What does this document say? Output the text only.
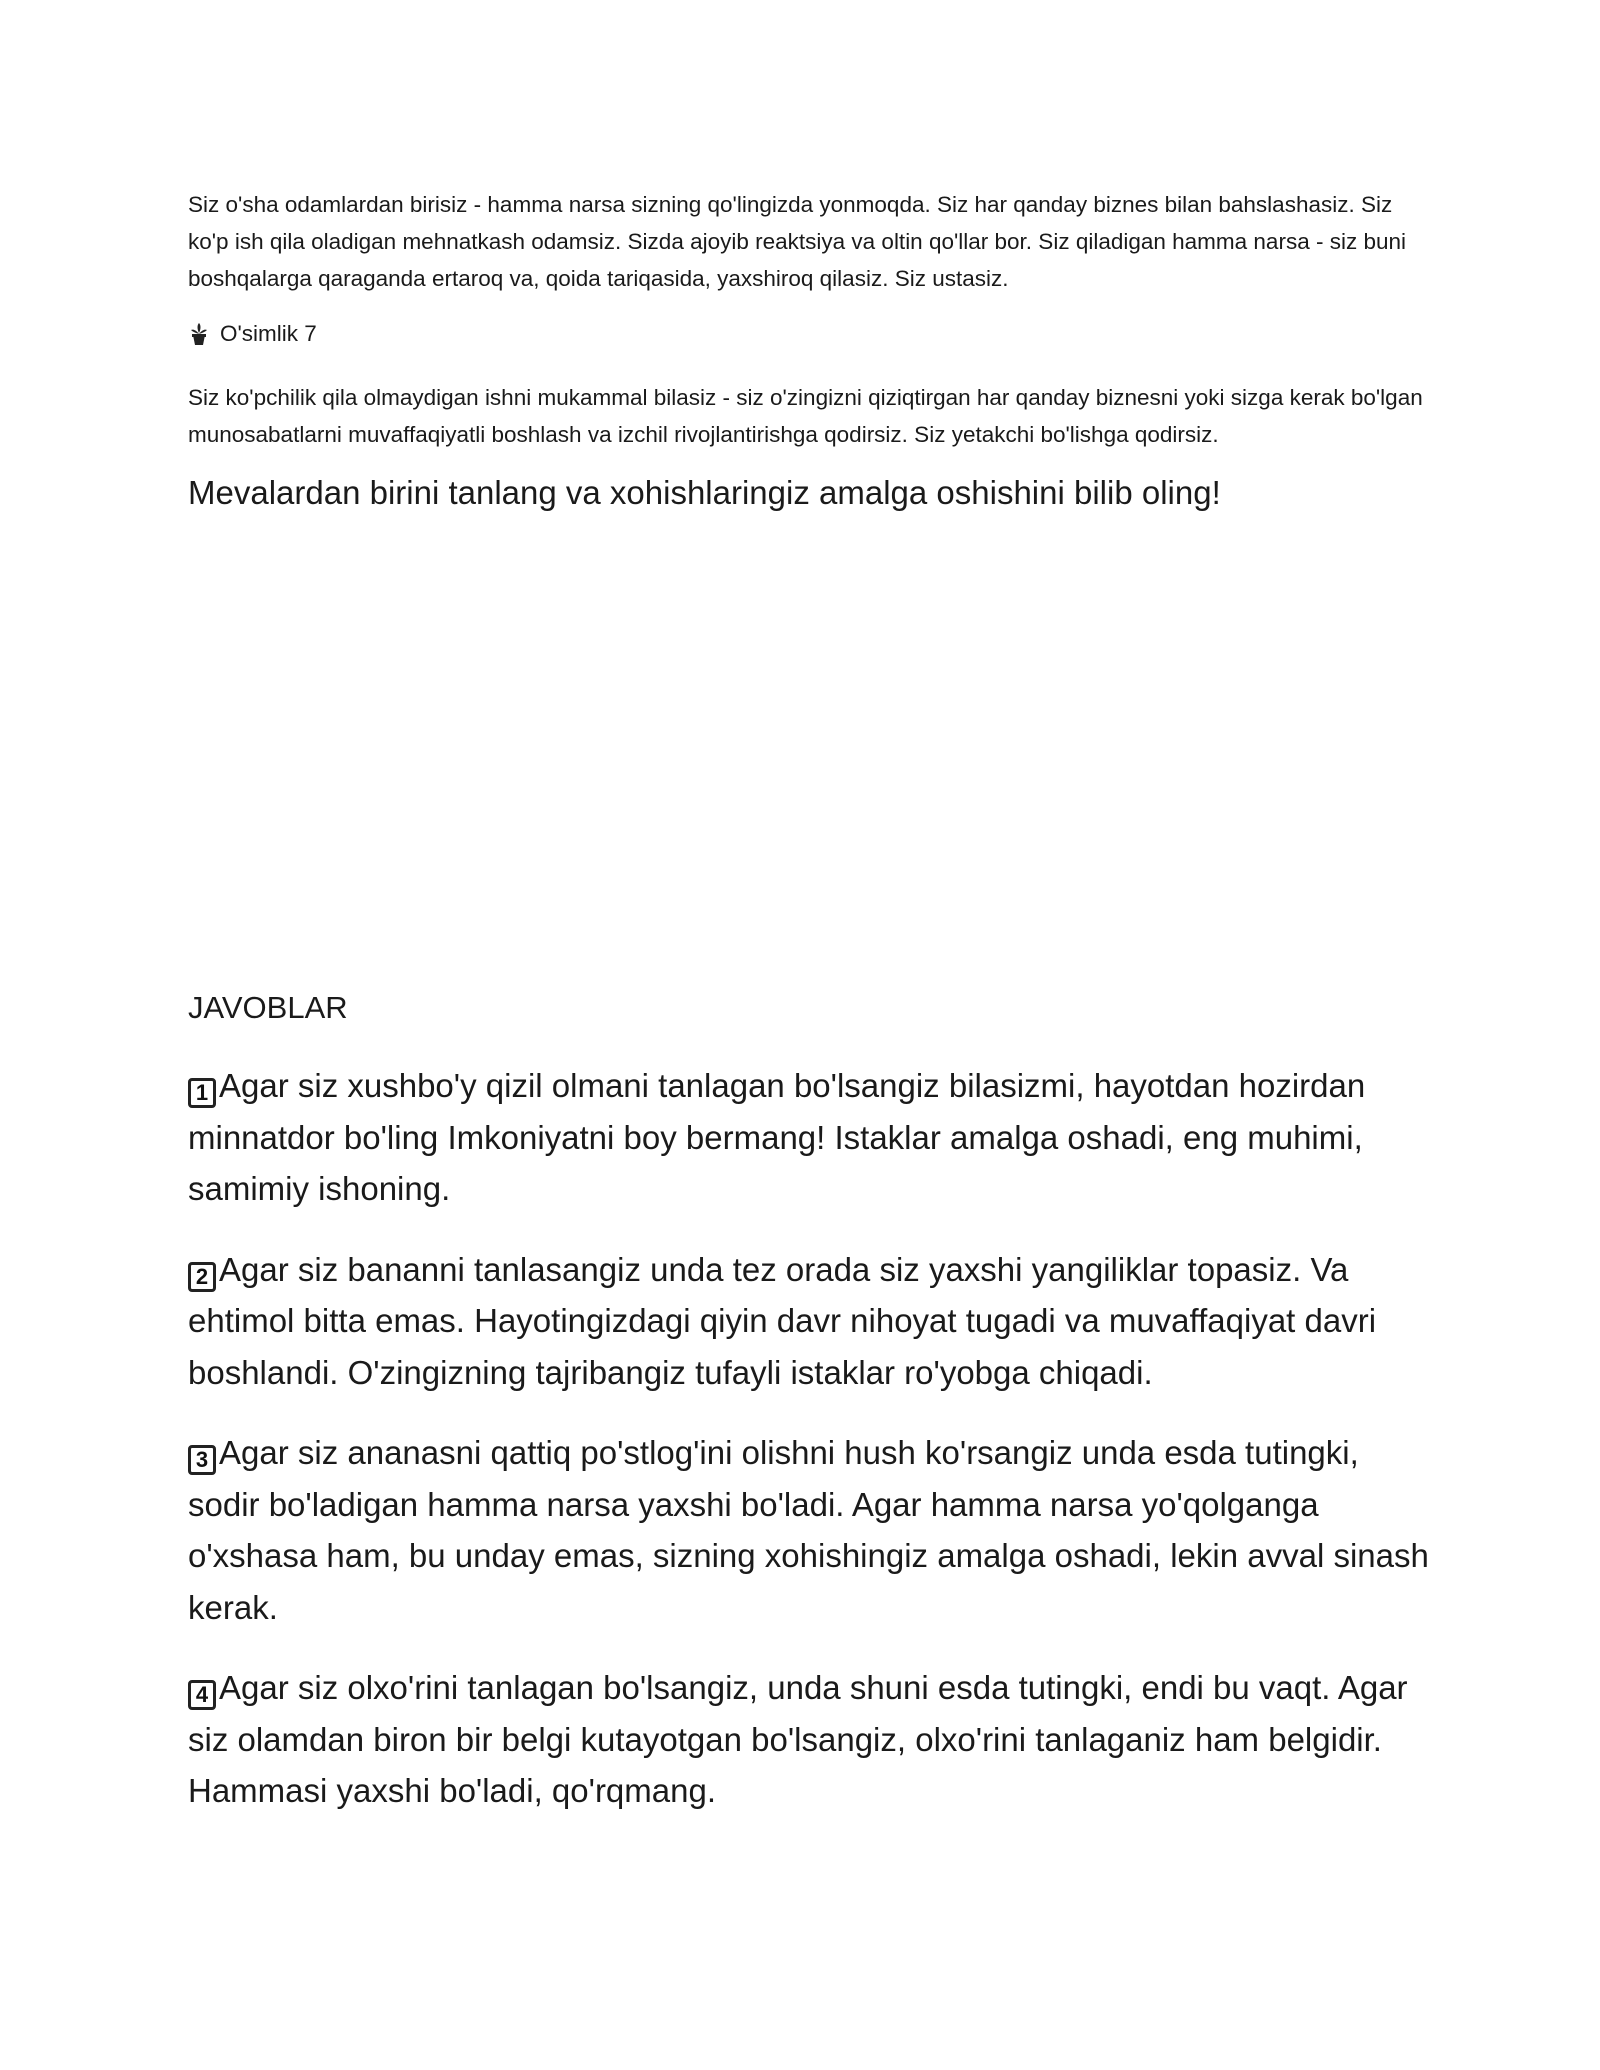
Siz o'sha odamlardan birisiz - hamma narsa sizning qo'lingizda yonmoqda. Siz har qanday biznes bilan bahslashasiz. Siz ko'p ish qila oladigan mehnatkash odamsiz. Sizda ajoyib reaktsiya va oltin qo'llar bor. Siz qiladigan hamma narsa - siz buni boshqalarga qaraganda ertaroq va, qoida tariqasida, yaxshiroq qilasiz. Siz ustasiz.

O'simlik 7

Siz ko'pchilik qila olmaydigan ishni mukammal bilasiz - siz o'zingizni qiziqtirgan har qanday biznesni yoki sizga kerak bo'lgan munosabatlarni muvaffaqiyatli boshlash va izchil rivojlantirishga qodirsiz. Siz yetakchi bo'lishga qodirsiz.

Mevalardan birini tanlang va xohishlaringiz amalga oshishini bilib oling!

JAVOBLAR

1 Agar siz xushbo'y qizil olmani tanlagan bo'lsangiz bilasizmi, hayotdan hozirdan minnatdor bo'ling Imkoniyatni boy bermang! Istaklar amalga oshadi, eng muhimi, samimiy ishoning.

2 Agar siz bananni tanlasangiz unda tez orada siz yaxshi yangiliklar topasiz. Va ehtimol bitta emas. Hayotingizdagi qiyin davr nihoyat tugadi va muvaffaqiyat davri boshlandi. O'zingizning tajribangiz tufayli istaklar ro'yobga chiqadi.

3 Agar siz ananasni qattiq po'stlog'ini olishni hush ko'rsangiz unda esda tutingki, sodir bo'ladigan hamma narsa yaxshi bo'ladi. Agar hamma narsa yo'qolganga o'xshasa ham, bu unday emas, sizning xohishingiz amalga oshadi, lekin avval sinash kerak.

4 Agar siz olxo'rini tanlagan bo'lsangiz, unda shuni esda tutingki, endi bu vaqt. Agar siz olamdan biron bir belgi kutayotgan bo'lsangiz, olxo'rini tanlaganiz ham belgidir. Hammasi yaxshi bo'ladi, qo'rqmang.
